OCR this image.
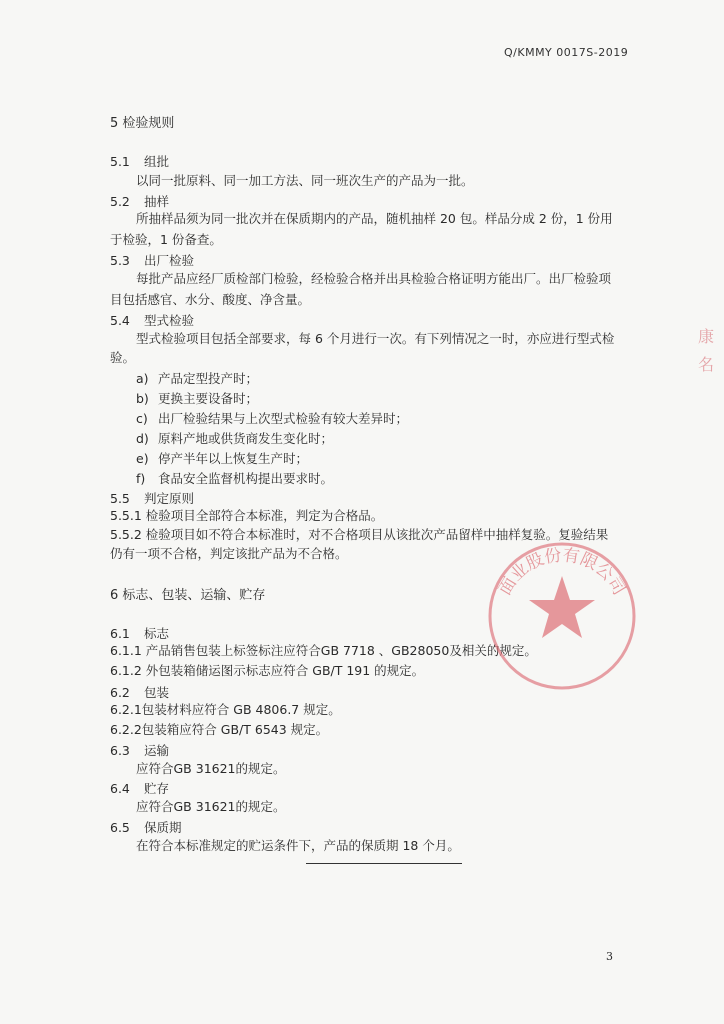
Q/KMMY 0017S-2019
5 检验规则
5.1 组批
以同一批原料、同一加工方法、同一班次生产的产品为一批。
5.2 抽样
所抽样品须为同一批次并在保质期内的产品，随机抽样 20 包。样品分成 2 份，1 份用
于检验，1 份备查。
5.3 出厂检验
每批产品应经厂质检部门检验，经检验合格并出具检验合格证明方能出厂。出厂检验项
目包括感官、水分、酸度、净含量。
5.4 型式检验
型式检验项目包括全部要求，每 6 个月进行一次。有下列情况之一时，亦应进行型式检
验。
a) 产品定型投产时；
b) 更换主要设备时；
c) 出厂检验结果与上次型式检验有较大差异时；
d) 原料产地或供货商发生变化时；
e) 停产半年以上恢复生产时；
f) 食品安全监督机构提出要求时。
5.5 判定原则
5.5.1 检验项目全部符合本标准，判定为合格品。
5.5.2 检验项目如不符合本标准时，对不合格项目从该批次产品留样中抽样复验。复验结果
仍有一项不合格，判定该批产品为不合格。
6 标志、包装、运输、贮存
6.1 标志
6.1.1 产品销售包装上标签标注应符合GB 7718 、GB28050及相关的规定。
6.1.2 外包装箱储运图示标志应符合 GB/T 191 的规定。
6.2 包装
6.2.1包装材料应符合 GB 4806.7 规定。
6.2.2包装箱应符合 GB/T 6543 规定。
6.3 运输
应符合GB 31621的规定。
6.4 贮存
应符合GB 31621的规定。
6.5 保质期
在符合本标准规定的贮运条件下，产品的保质期 18 个月。
3
面业股份有限公司
康
名
